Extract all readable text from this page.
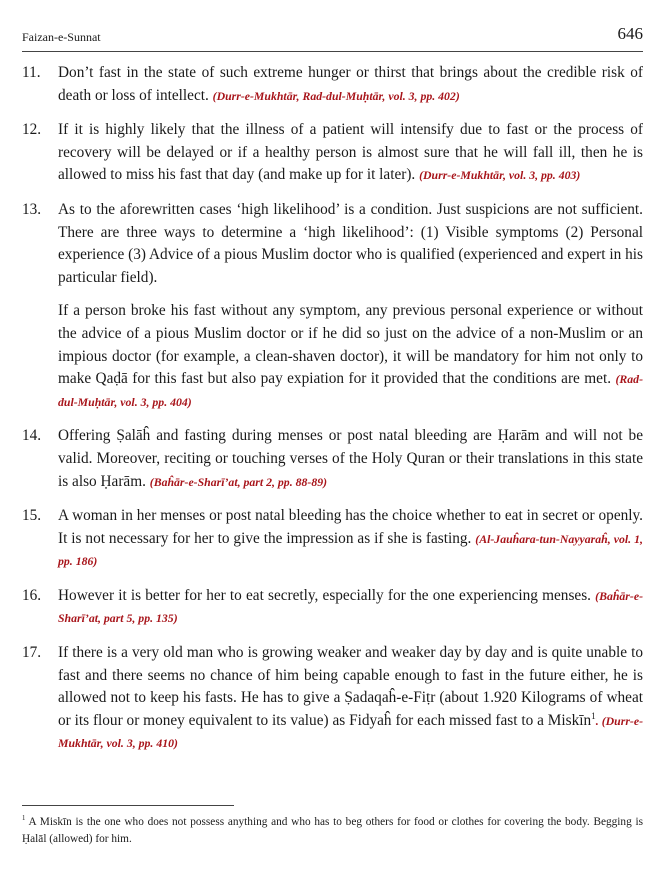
Faizan-e-Sunnat	646
11. Don’t fast in the state of such extreme hunger or thirst that brings about the credible risk of death or loss of intellect. (Durr-e-Mukhtār, Rad-dul-Muḥtār, vol. 3, pp. 402)

12. If it is highly likely that the illness of a patient will intensify due to fast or the process of recovery will be delayed or if a healthy person is almost sure that he will fall ill, then he is allowed to miss his fast that day (and make up for it later). (Durr-e-Mukhtār, vol. 3, pp. 403)

13. As to the aforewritten cases ‘high likelihood’ is a condition. Just suspicions are not sufficient. There are three ways to determine a ‘high likelihood’: (1) Visible symptoms (2) Personal experience (3) Advice of a pious Muslim doctor who is qualified (experienced and expert in his particular field).

If a person broke his fast without any symptom, any previous personal experience or without the advice of a pious Muslim doctor or if he did so just on the advice of a non-Muslim or an impious doctor (for example, a clean-shaven doctor), it will be mandatory for him not only to make Qaḍā for this fast but also pay expiation for it provided that the conditions are met. (Rad-dul-Muḥtār, vol. 3, pp. 404)

14. Offering Ṣalāĥ and fasting during menses or post natal bleeding are Ḥarām and will not be valid. Moreover, reciting or touching verses of the Holy Quran or their translations in this state is also Ḥarām. (Baĥār-e-Sharī’at, part 2, pp. 88-89)

15. A woman in her menses or post natal bleeding has the choice whether to eat in secret or openly. It is not necessary for her to give the impression as if she is fasting. (Al-Jauĥara-tun-Nayyaraĥ, vol. 1, pp. 186)

16. However it is better for her to eat secretly, especially for the one experiencing menses. (Baĥār-e-Sharī’at, part 5, pp. 135)

17. If there is a very old man who is growing weaker and weaker day by day and is quite unable to fast and there seems no chance of him being capable enough to fast in the future either, he is allowed not to keep his fasts. He has to give a Ṣadaqaĥ-e-Fiṭr (about 1.920 Kilograms of wheat or its flour or money equivalent to its value) as Fidyaĥ for each missed fast to a Miskīn$^1$. (Durr-e-Mukhtār, vol. 3, pp. 410)

$^1$ A Miskīn is the one who does not possess anything and who has to beg others for food or clothes for covering the body. Begging is Ḥalāl (allowed) for him.
